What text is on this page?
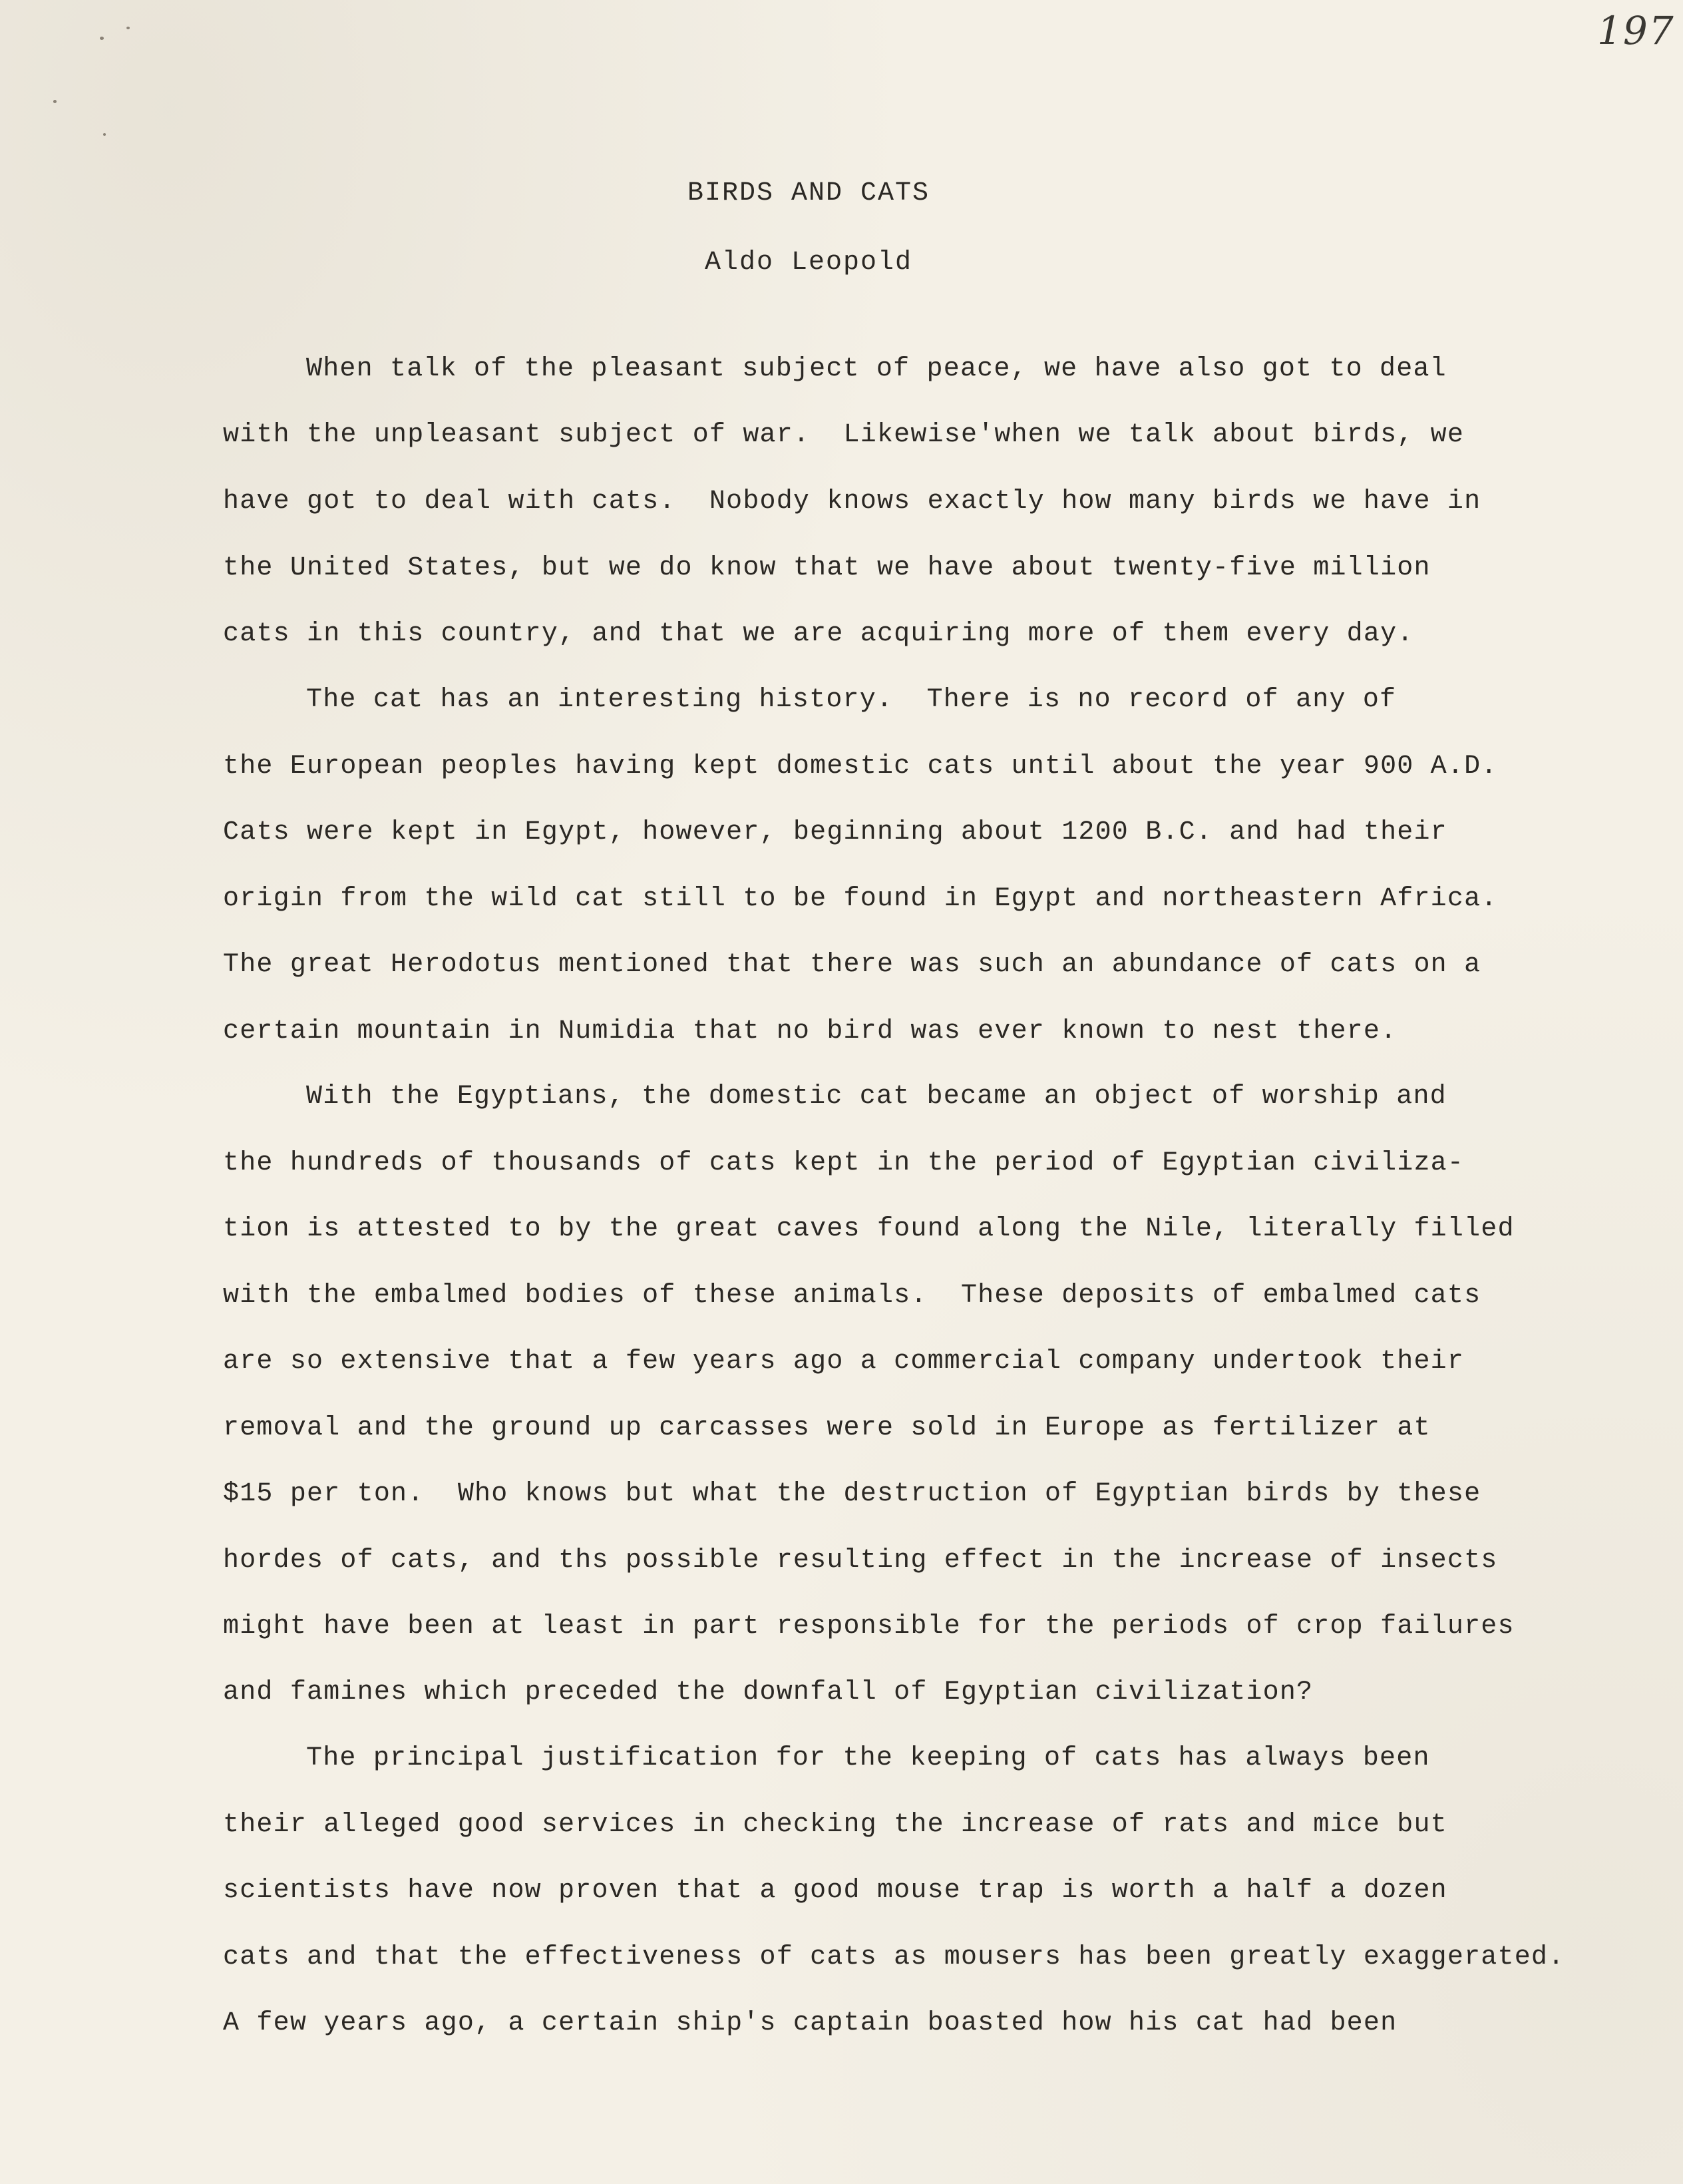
197
BIRDS AND CATS
Aldo Leopold
When talk of the pleasant subject of peace, we have also got to deal
with the unpleasant subject of war.  Likewise'when we talk about birds, we
have got to deal with cats.  Nobody knows exactly how many birds we have in
the United States, but we do know that we have about twenty-five million
cats in this country, and that we are acquiring more of them every day.
The cat has an interesting history.  There is no record of any of
the European peoples having kept domestic cats until about the year 900 A.D.
Cats were kept in Egypt, however, beginning about 1200 B.C. and had their
origin from the wild cat still to be found in Egypt and northeastern Africa.
The great Herodotus mentioned that there was such an abundance of cats on a
certain mountain in Numidia that no bird was ever known to nest there.
With the Egyptians, the domestic cat became an object of worship and
the hundreds of thousands of cats kept in the period of Egyptian civiliza-
tion is attested to by the great caves found along the Nile, literally filled
with the embalmed bodies of these animals.  These deposits of embalmed cats
are so extensive that a few years ago a commercial company undertook their
removal and the ground up carcasses were sold in Europe as fertilizer at
$15 per ton.  Who knows but what the destruction of Egyptian birds by these
hordes of cats, and ths possible resulting effect in the increase of insects
might have been at least in part responsible for the periods of crop failures
and famines which preceded the downfall of Egyptian civilization?
The principal justification for the keeping of cats has always been
their alleged good services in checking the increase of rats and mice but
scientists have now proven that a good mouse trap is worth a half a dozen
cats and that the effectiveness of cats as mousers has been greatly exaggerated.
A few years ago, a certain ship's captain boasted how his cat had been
